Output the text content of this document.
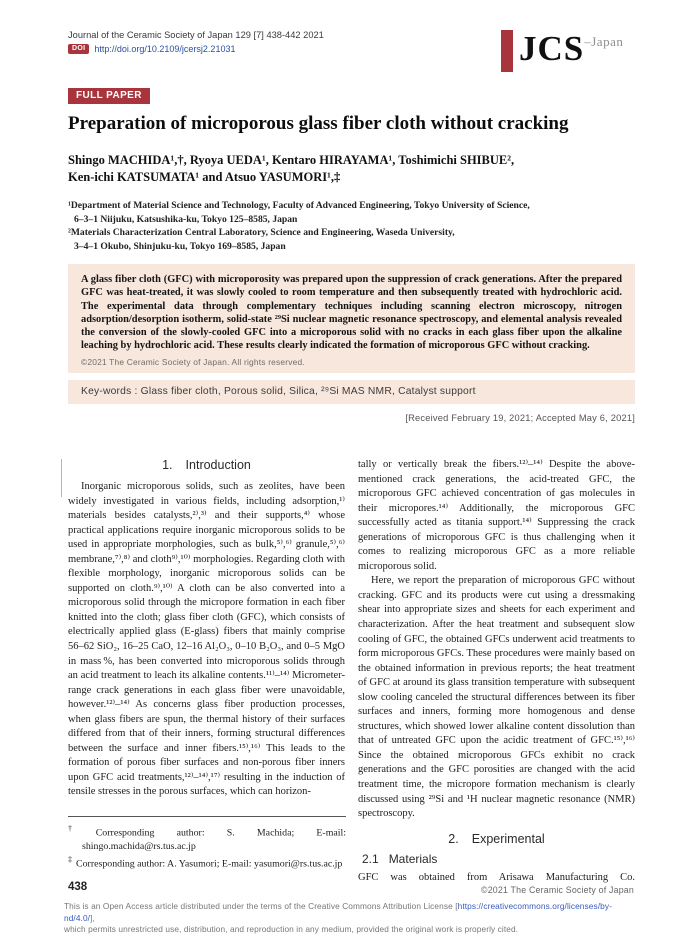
Journal of the Ceramic Society of Japan 129 [7] 438-442 2021
DOI	http://doi.org/10.2109/jcersj2.21031	JCS –Japan
FULL PAPER
Preparation of microporous glass fiber cloth without cracking
Shingo MACHIDA¹,†, Ryoya UEDA¹, Kentaro HIRAYAMA¹, Toshimichi SHIBUE²,
Ken-ichi KATSUMATA¹ and Atsuo YASUMORI¹,‡
¹Department of Material Science and Technology, Faculty of Advanced Engineering, Tokyo University of Science,
6–3–1 Niijuku, Katsushika-ku, Tokyo 125–8585, Japan
²Materials Characterization Central Laboratory, Science and Engineering, Waseda University,
3–4–1 Okubo, Shinjuku-ku, Tokyo 169–8585, Japan
A glass fiber cloth (GFC) with microporosity was prepared upon the suppression of crack generations. After the prepared GFC was heat-treated, it was slowly cooled to room temperature and then subsequently treated with hydrochloric acid. The experimental data through complementary techniques including scanning electron microscopy, nitrogen adsorption/desorption isotherm, solid-state ²⁹Si nuclear magnetic resonance spectroscopy, and elemental analysis revealed the conversion of the slowly-cooled GFC into a microporous solid with no cracks in each glass fiber upon the alkaline leaching by hydrochloric acid. These results clearly indicated the formation of microporous GFC without cracking.
©2021 The Ceramic Society of Japan. All rights reserved.
Key-words : Glass fiber cloth, Porous solid, Silica, ²⁹Si MAS NMR, Catalyst support
[Received February 19, 2021; Accepted May 6, 2021]
1. Introduction

Inorganic microporous solids, such as zeolites, have been widely investigated in various fields, including adsorption,¹⁾ materials besides catalysts,²⁾,³⁾ and their supports,⁴⁾ whose practical applications require inorganic microporous solids to be used in appropriate morphologies, such as bulk,⁵⁾,⁶⁾ granule,⁵⁾,⁶⁾ membrane,⁷⁾,⁸⁾ and cloth⁹⁾,¹⁰⁾ morphologies. Regarding cloth with flexible morphology, inorganic microporous solids can be supported on cloth.⁹⁾,¹⁰⁾ A cloth can be also converted into a microporous solid through the micropore formation in each fiber knitted into the cloth; glass fiber cloth (GFC), which consists of electrically applied glass (E-glass) fibers that mainly comprise 56–62 SiO₂, 16–25 CaO, 12–16 Al₂O₃, 0–10 B₂O₃, and 0–5 MgO in mass %, has been converted into microporous solids through an acid treatment to leach its alkaline contents.¹¹⁾–¹⁴⁾ Micrometer-range crack generations in each glass fiber were unavoidable, however.¹²⁾–¹⁴⁾ As concerns glass fiber production processes, when glass fibers are spun, the thermal history of their surfaces differed from that of their inners, forming structural differences between the surface and inner fibers.¹⁵⁾,¹⁶⁾ This leads to the formation of porous fiber surfaces and non-porous fiber inners upon GFC acid treatments,¹²⁾–¹⁴⁾,¹⁷⁾ resulting in the induction of tensile stresses in the porous surfaces, which can horizon-

tally or vertically break the fibers.¹²⁾–¹⁴⁾ Despite the above-mentioned crack generations, the acid-treated GFC, the microporous GFC achieved concentration of gas molecules in their micropores.¹⁴⁾ Additionally, the microporous GFC successfully acted as titania support.¹⁴⁾ Suppressing the crack generations of microporous GFC is thus challenging when it comes to realizing microporous GFC as a more reliable microporous solid.

Here, we report the preparation of microporous GFC without cracking. GFC and its products were cut using a dressmaking shear into appropriate sizes and sheets for each experiment and characterization. After the heat treatment and subsequent slow cooling of GFC, the obtained GFCs underwent acid treatments to form microporous GFCs. These procedures were mainly based on the obtained information in previous reports; the heat treatment of GFC at around its glass transition temperature with subsequent slow cooling canceled the structural differences between its fiber surfaces and inners, forming more homogenous and dense structures, which showed lower alkaline content dissolution than that of untreated GFC upon the acidic treatment of GFC.¹⁵⁾,¹⁶⁾ Since the obtained microporous GFCs exhibit no crack generations and the GFC porosities are changed with the acid treatment time, the micropore formation mechanism is clearly discussed using ²⁹Si and ¹H nuclear magnetic resonance (NMR) spectroscopy.

2. Experimental
2.1 Materials

GFC was obtained from Arisawa Manufacturing Co.

† Corresponding author: S. Machida; E-mail: shingo.machida@rs.tus.ac.jp
‡ Corresponding author: A. Yasumori; E-mail: yasumori@rs.tus.ac.jp
438	©2021 The Ceramic Society of Japan
This is an Open Access article distributed under the terms of the Creative Commons Attribution License [https://creativecommons.org/licenses/by-nd/4.0/],
which permits unrestricted use, distribution, and reproduction in any medium, provided the original work is properly cited.
